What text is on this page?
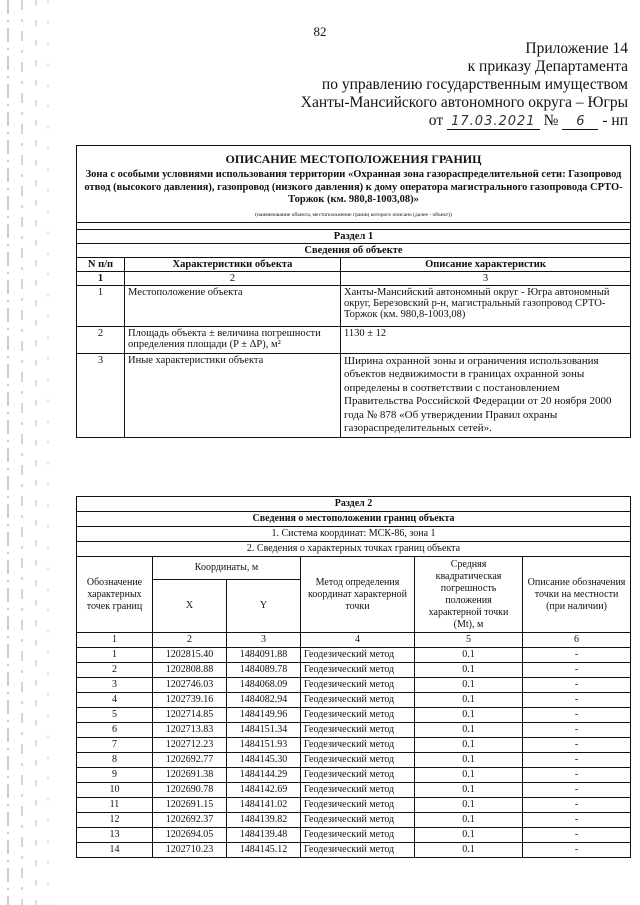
82
Приложение 14
к приказу Департамента
по управлению государственным имуществом
Ханты-Мансийского автономного округа – Югры
от 17.03.2021 №	6	- нп
ОПИСАНИЕ МЕСТОПОЛОЖЕНИЯ ГРАНИЦ		
Зона с особыми условиями использования территории «Охранная зона газораспределительной сети: Газопровод отвод (высокого давления), газопровод (низкого давления) к дому оператора магистрального газопровода СРТО-Торжок (км. 980,8-1003,08)»		
(наименование объекта, местоположение границ которого описано (далее - объект))		

Раздел 1		
Сведения об объекте		
N п/п	Характеристики объекта	Описание характеристик
1	2	3
1	Местоположение объекта	Ханты-Мансийский автономный округ - Югра автономный округ, Березовский р-н, магистральный газопровод СРТО-Торжок (км. 980,8-1003,08)
2	Площадь объекта ± величина погрешности определения площади (P ± ΔP), м²	1130 ± 12
3	Иные характеристики объекта	Ширина охранной зоны и ограничения использования объектов недвижимости в границах охранной зоны определены в соответствии с постановлением Правительства Российской Федерации от 20 ноября 2000 года № 878 «Об утверждении Правил охраны газораспределительных сетей».
Раздел 2					
Сведения о местоположении границ объекта					
1. Система координат: МСК-86, зона 1					
2. Сведения о характерных точках границ объекта					
Обозначение характерных точек границ	Координаты, м		Метод определения координат характерной точки	Средняя квадратическая погрешность положения характерной точки (Mt), м	Описание обозначения точки на местности (при наличии)
	X	Y			
1	2	3	4	5	6
1	1202815.40	1484091.88	Геодезический метод	0.1	-
2	1202808.88	1484089.78	Геодезический метод	0.1	-
3	1202746.03	1484068.09	Геодезический метод	0.1	-
4	1202739.16	1484082.94	Геодезический метод	0.1	-
5	1202714.85	1484149.96	Геодезический метод	0.1	-
6	1202713.83	1484151.34	Геодезический метод	0.1	-
7	1202712.23	1484151.93	Геодезический метод	0.1	-
8	1202692.77	1484145.30	Геодезический метод	0.1	-
9	1202691.38	1484144.29	Геодезический метод	0.1	-
10	1202690.78	1484142.69	Геодезический метод	0.1	-
11	1202691.15	1484141.02	Геодезический метод	0.1	-
12	1202692.37	1484139.82	Геодезический метод	0.1	-
13	1202694.05	1484139.48	Геодезический метод	0.1	-
14	1202710.23	1484145.12	Геодезический метод	0.1	-
